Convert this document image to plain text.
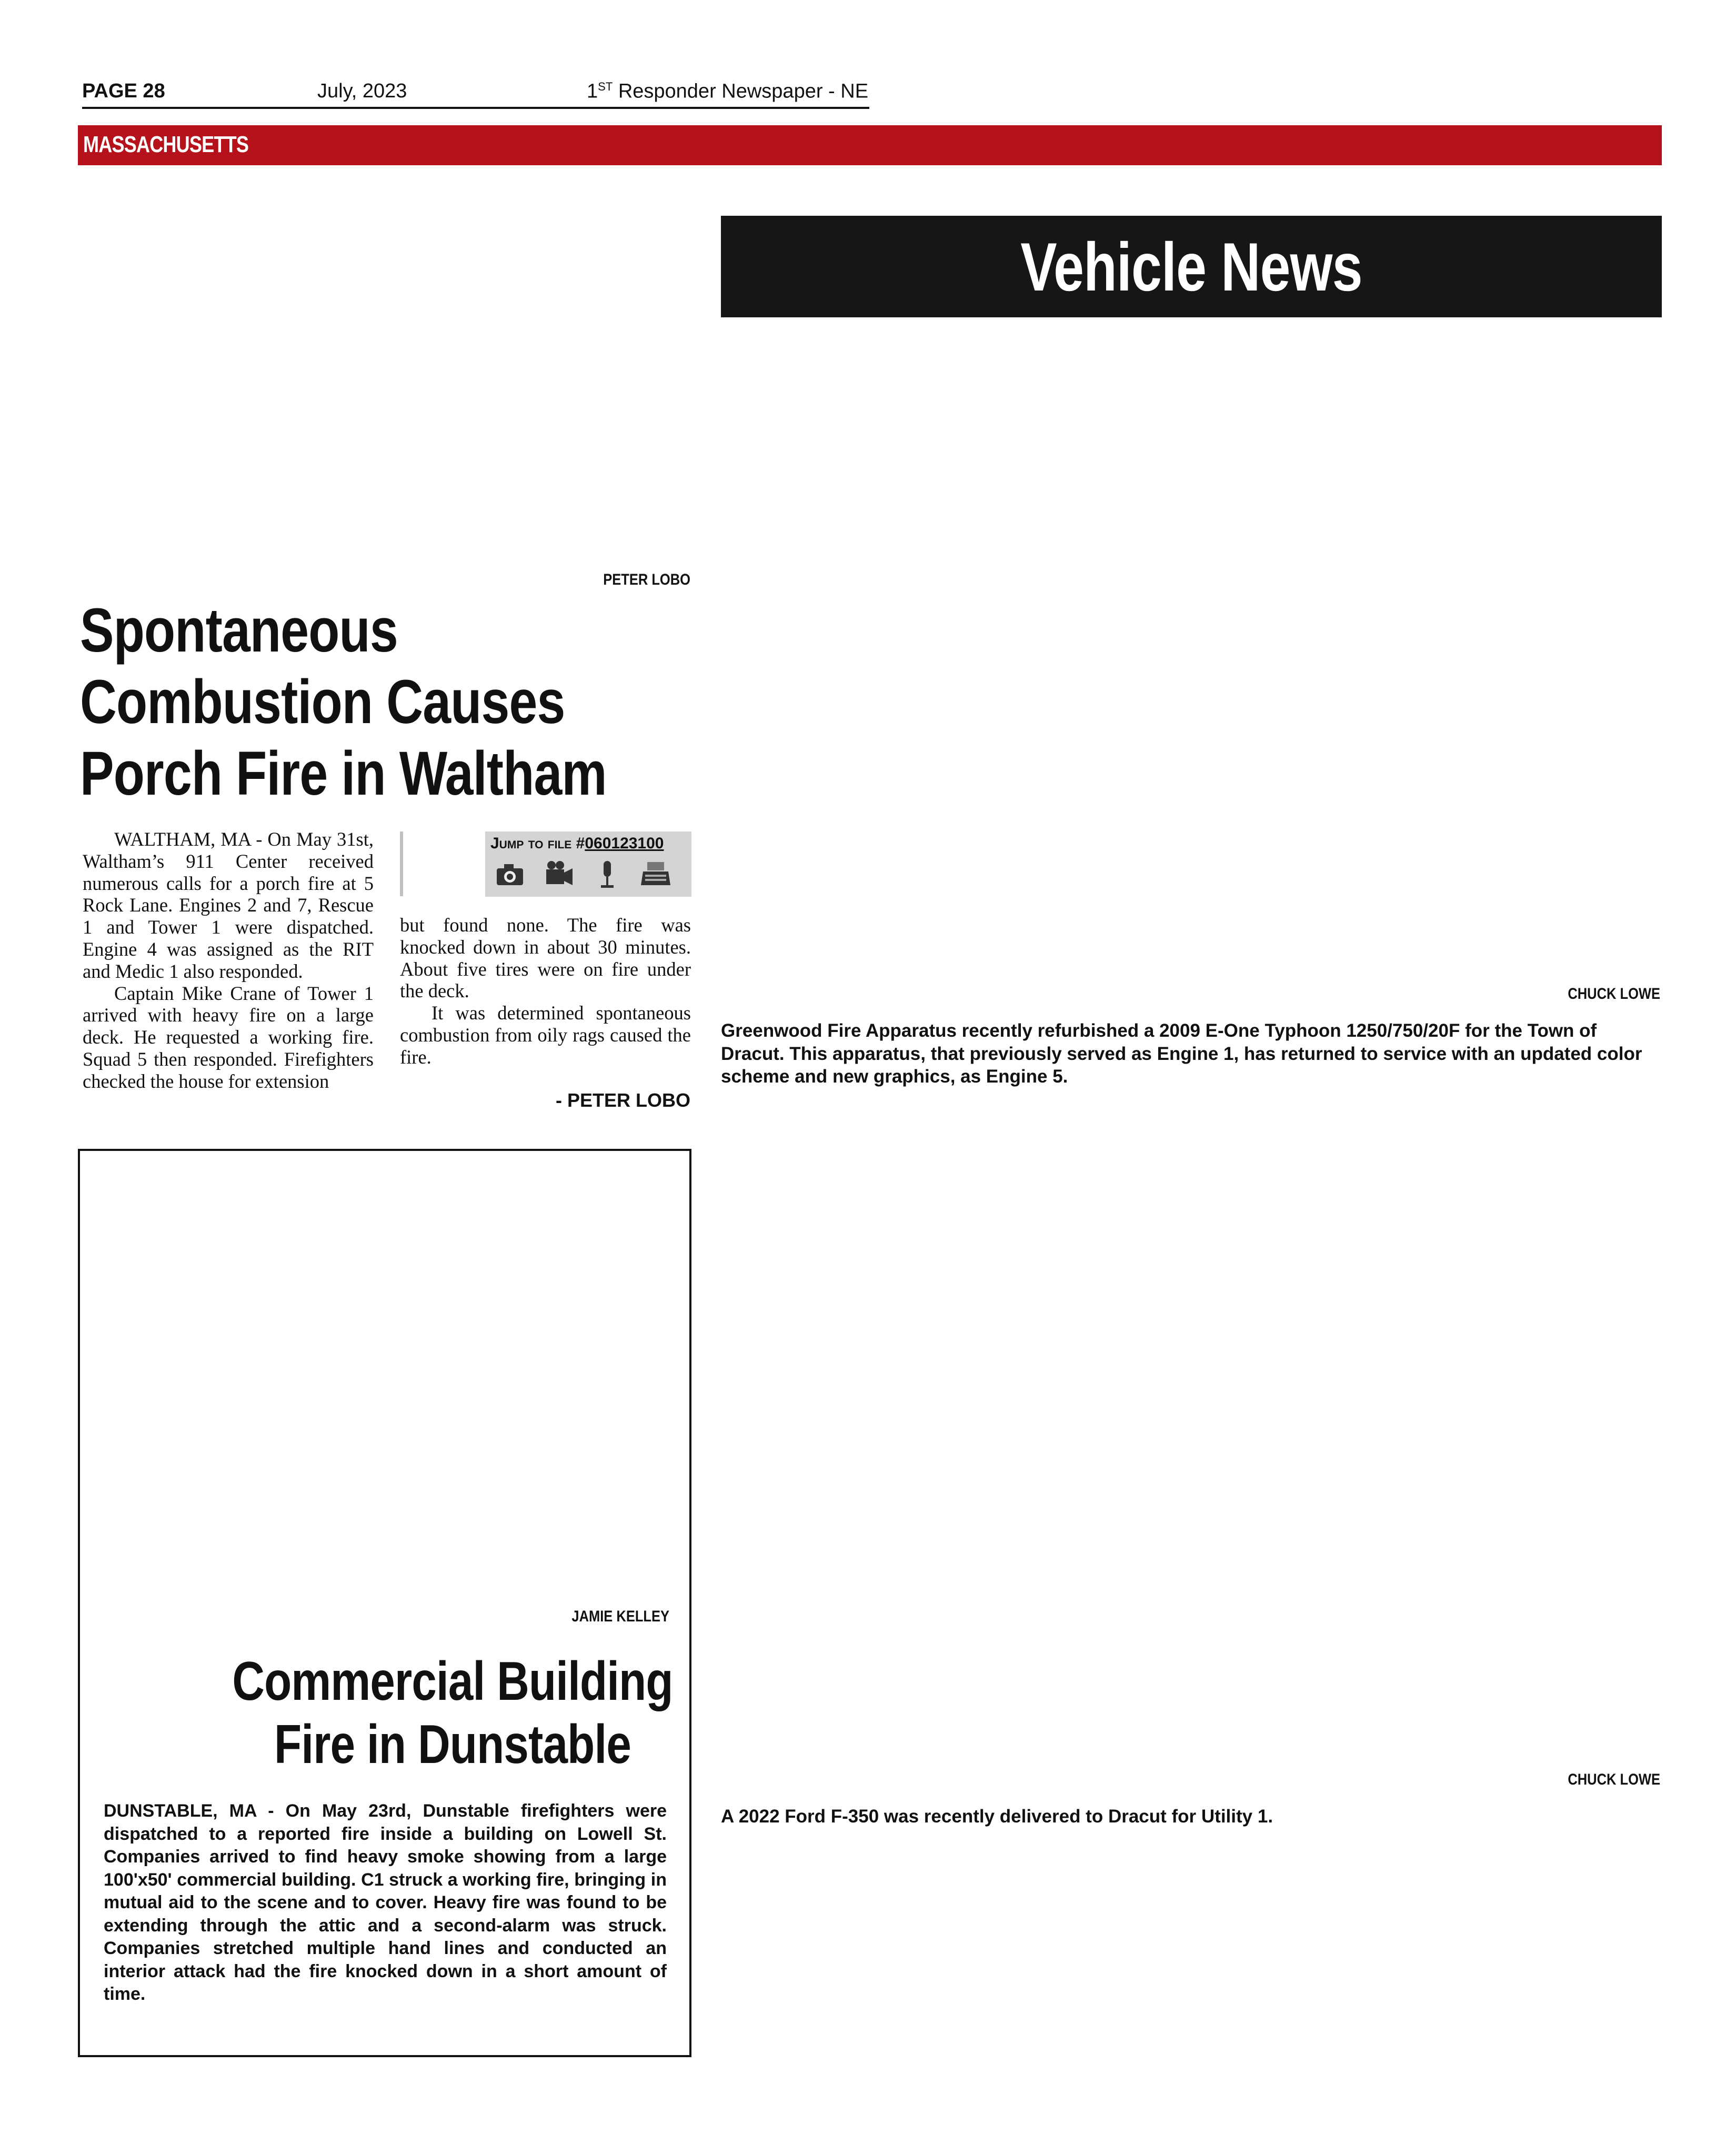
PAGE 28	July, 2023	1ST Responder Newspaper - NE
MASSACHUSETTS
Vehicle News
PETER LOBO
Spontaneous Combustion Causes Porch Fire in Waltham

WALTHAM, MA - On May 31st, Waltham’s 911 Center received numerous calls for a porch fire at 5 Rock Lane. Engines 2 and 7, Rescue 1 and Tower 1 were dispatched. Engine 4 was assigned as the RIT and Medic 1 also responded.

Captain Mike Crane of Tower 1 arrived with heavy fire on a large deck. He requested a working fire. Squad 5 then responded. Firefighters checked the house for extension

Jump to file #060123100

but found none. The fire was knocked down in about 30 minutes. About five tires were on fire under the deck.

It was determined spontaneous combustion from oily rags caused the fire.

- PETER LOBO
JAMIE KELLEY
Commercial Building
Fire in Dunstable
DUNSTABLE, MA - On May 23rd, Dunstable firefighters were dispatched to a reported fire inside a building on Lowell St. Companies arrived to find heavy smoke showing from a large 100'x50' commercial building. C1 struck a working fire, bringing in mutual aid to the scene and to cover. Heavy fire was found to be extending through the attic and a second-alarm was struck. Companies stretched multiple hand lines and conducted an interior attack had the fire knocked down in a short amount of time.
CHUCK LOWE
Greenwood Fire Apparatus recently refurbished a 2009 E-One Typhoon 1250/750/20F for the Town of Dracut. This apparatus, that previously served as Engine 1, has returned to service with an updated color scheme and new graphics, as Engine 5.
CHUCK LOWE
A 2022 Ford F-350 was recently delivered to Dracut for Utility 1.
